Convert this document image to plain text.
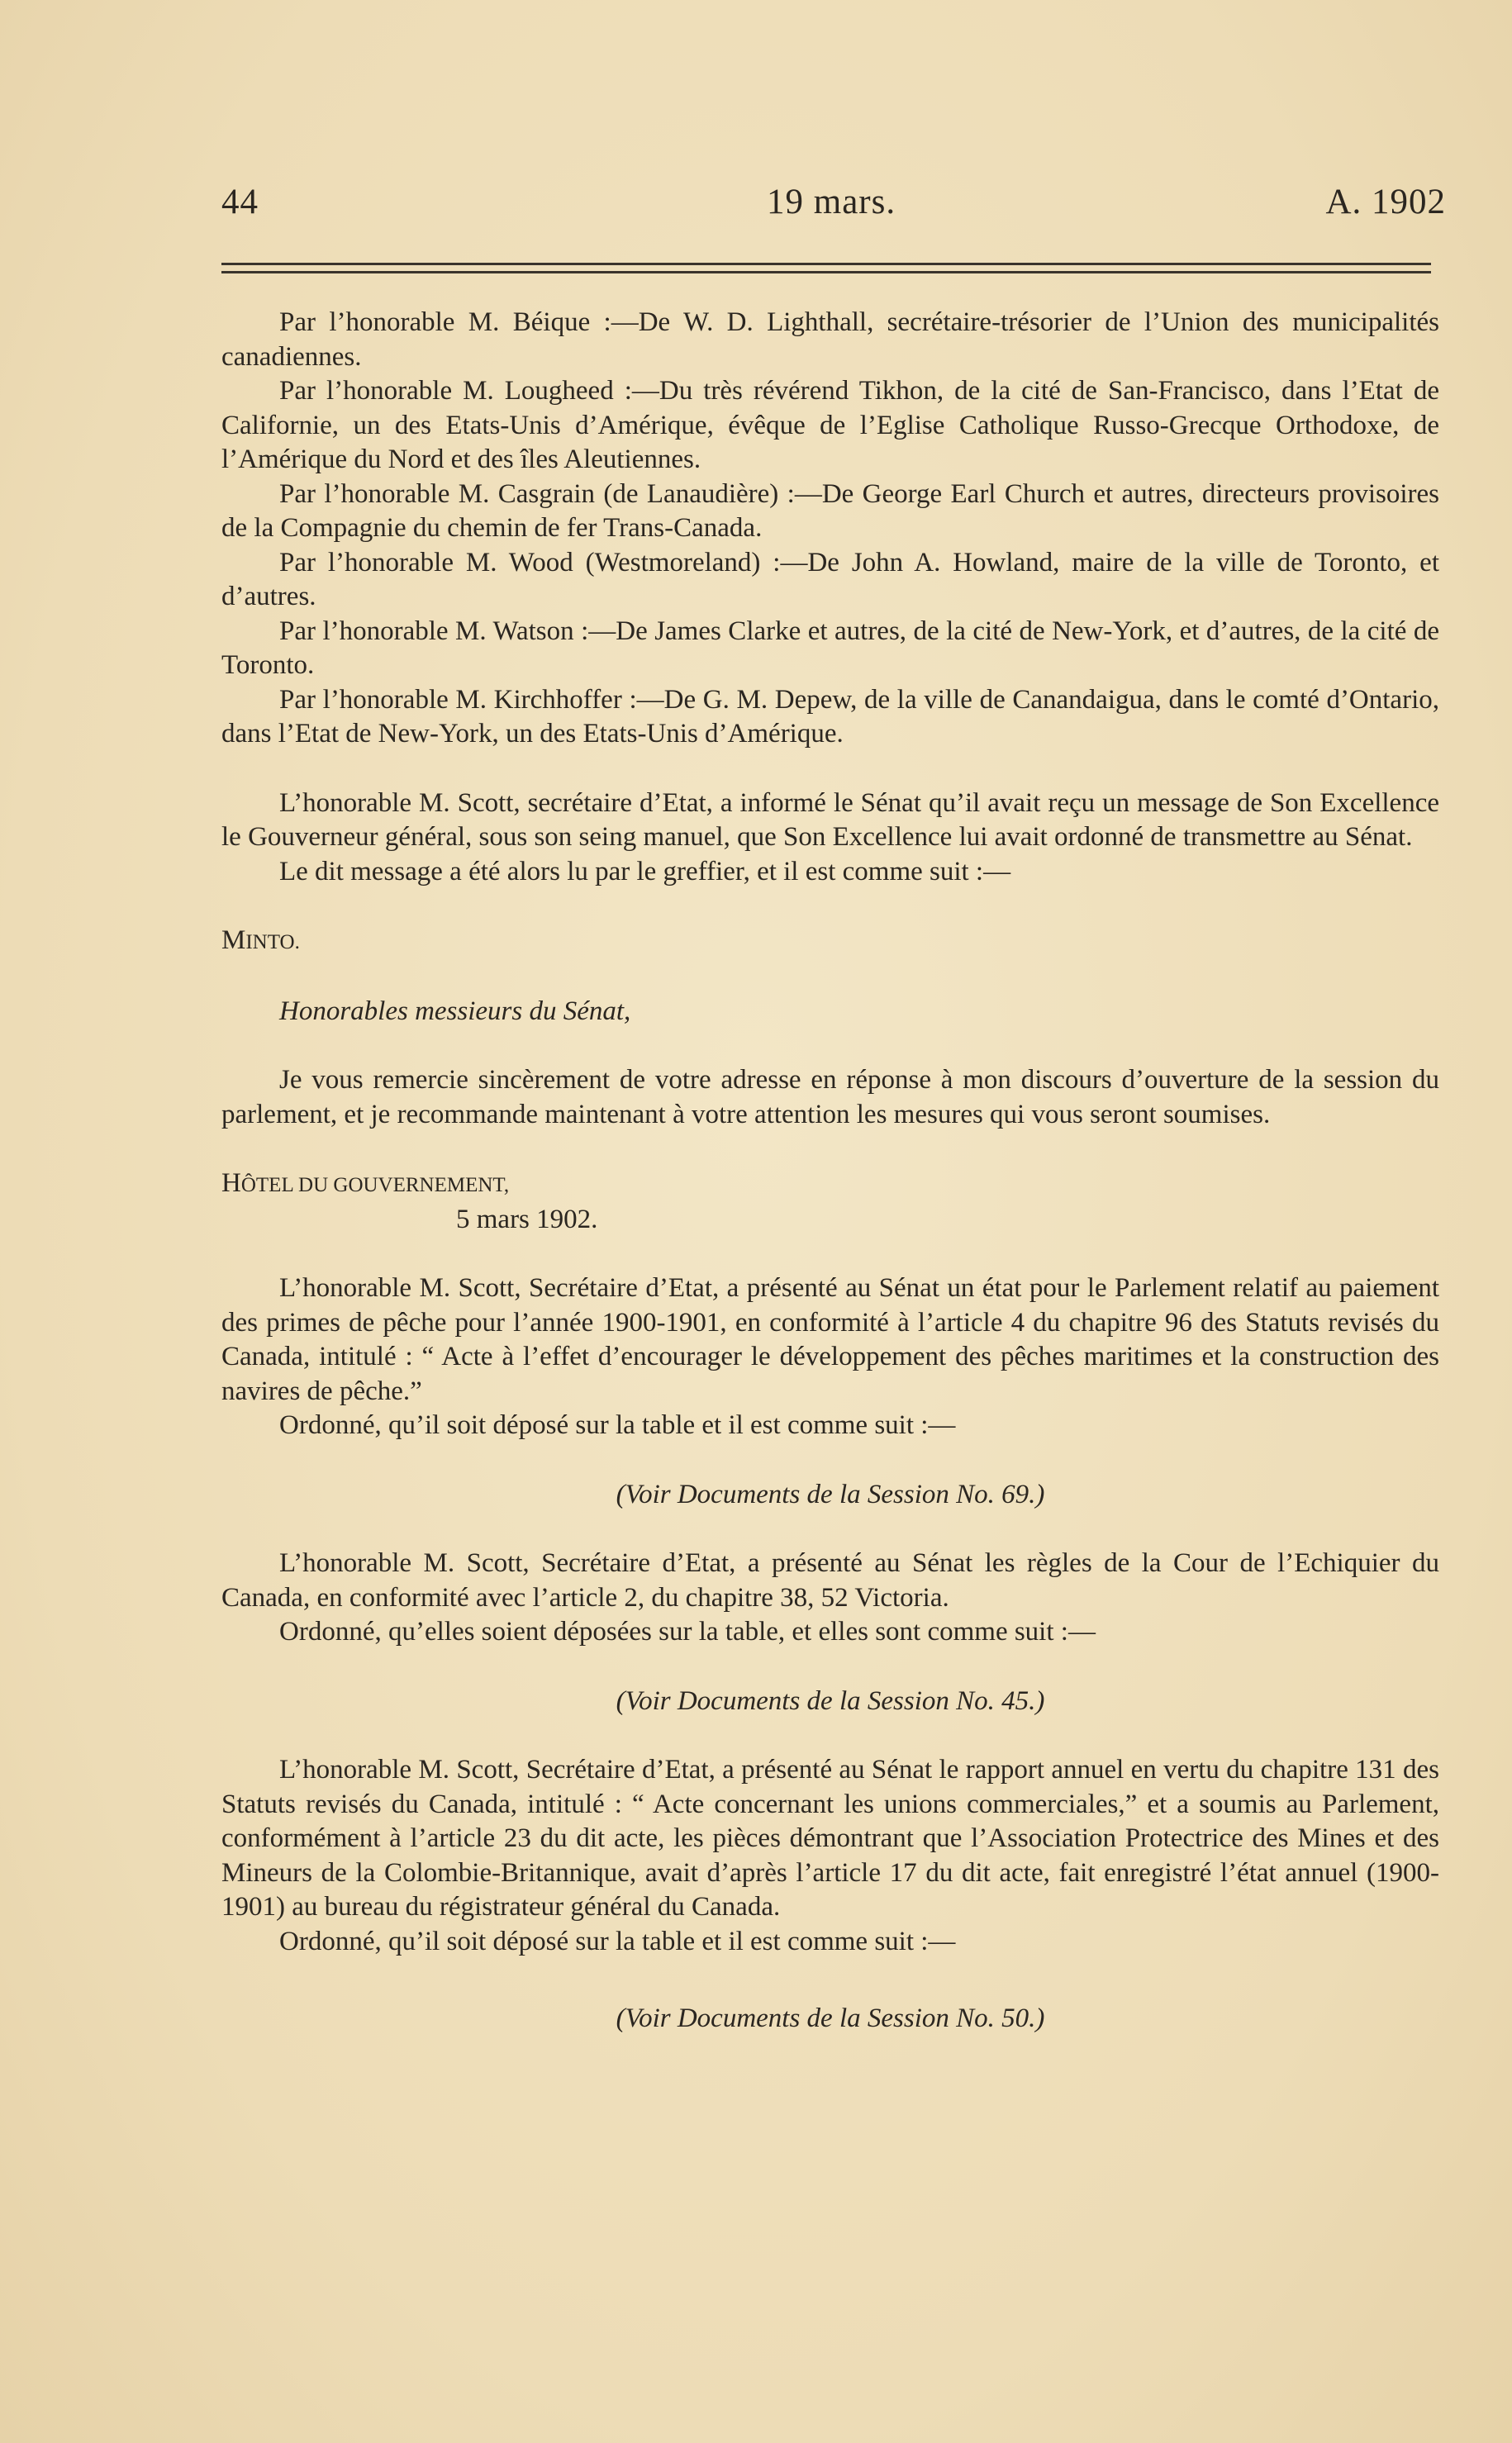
44	19 mars.	A. 1902

Par l’honorable M. Béique :—De W. D. Lighthall, secrétaire-trésorier de l’Union des municipalités canadiennes.

Par l’honorable M. Lougheed :—Du très révérend Tikhon, de la cité de San-Francisco, dans l’Etat de Californie, un des Etats-Unis d’Amérique, évêque de l’Eglise Catholique Russo-Grecque Orthodoxe, de l’Amérique du Nord et des îles Aleutiennes.

Par l’honorable M. Casgrain (de Lanaudière) :—De George Earl Church et autres, directeurs provisoires de la Compagnie du chemin de fer Trans-Canada.

Par l’honorable M. Wood (Westmoreland) :—De John A. Howland, maire de la ville de Toronto, et d’autres.

Par l’honorable M. Watson :—De James Clarke et autres, de la cité de New-York, et d’autres, de la cité de Toronto.

Par l’honorable M. Kirchhoffer :—De G. M. Depew, de la ville de Canandaigua, dans le comté d’Ontario, dans l’Etat de New-York, un des Etats-Unis d’Amérique.

L’honorable M. Scott, secrétaire d’Etat, a informé le Sénat qu’il avait reçu un message de Son Excellence le Gouverneur général, sous son seing manuel, que Son Excellence lui avait ordonné de transmettre au Sénat.

Le dit message a été alors lu par le greffier, et il est comme suit :—

MINTO.

Honorables messieurs du Sénat,

Je vous remercie sincèrement de votre adresse en réponse à mon discours d’ouverture de la session du parlement, et je recommande maintenant à votre attention les mesures qui vous seront soumises.

HÔTEL DU GOUVERNEMENT,

5 mars 1902.

L’honorable M. Scott, Secrétaire d’Etat, a présenté au Sénat un état pour le Parlement relatif au paiement des primes de pêche pour l’année 1900-1901, en conformité à l’article 4 du chapitre 96 des Statuts revisés du Canada, intitulé : “ Acte à l’effet d’encourager le développement des pêches maritimes et la construction des navires de pêche.”

Ordonné, qu’il soit déposé sur la table et il est comme suit :—

(Voir Documents de la Session No. 69.)

L’honorable M. Scott, Secrétaire d’Etat, a présenté au Sénat les règles de la Cour de l’Echiquier du Canada, en conformité avec l’article 2, du chapitre 38, 52 Victoria.

Ordonné, qu’elles soient déposées sur la table, et elles sont comme suit :—

(Voir Documents de la Session No. 45.)

L’honorable M. Scott, Secrétaire d’Etat, a présenté au Sénat le rapport annuel en vertu du chapitre 131 des Statuts revisés du Canada, intitulé : “ Acte concernant les unions commerciales,” et a soumis au Parlement, conformément à l’article 23 du dit acte, les pièces démontrant que l’Association Protectrice des Mines et des Mineurs de la Colombie-Britannique, avait d’après l’article 17 du dit acte, fait enregistré l’état annuel (1900-1901) au bureau du régistrateur général du Canada.

Ordonné, qu’il soit déposé sur la table et il est comme suit :—

(Voir Documents de la Session No. 50.)
